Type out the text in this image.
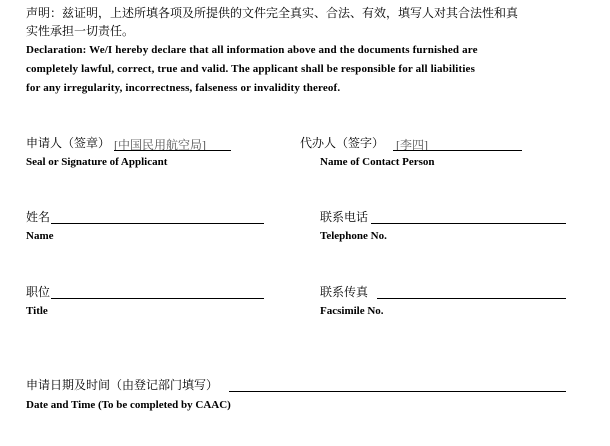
声明：兹证明，上述所填各项及所提供的文件完全真实、合法、有效，填写人对其合法性和真
实性承担一切责任。
Declaration: We/I hereby declare that all information above and the documents furnished are
completely lawful, correct, true and valid. The applicant shall be responsible for all liabilities
for any irregularity, incorrectness, falseness or invalidity thereof.
申请人（签章） [中国民用航空局]
Seal or Signature of Applicant
代办人（签字） [李四]
Name of Contact Person
姓名
Name
联系电话
Telephone No.
职位
Title
联系传真
Facsimile No.
申请日期及时间（由登记部门填写）
Date and Time (To be completed by CAAC)
